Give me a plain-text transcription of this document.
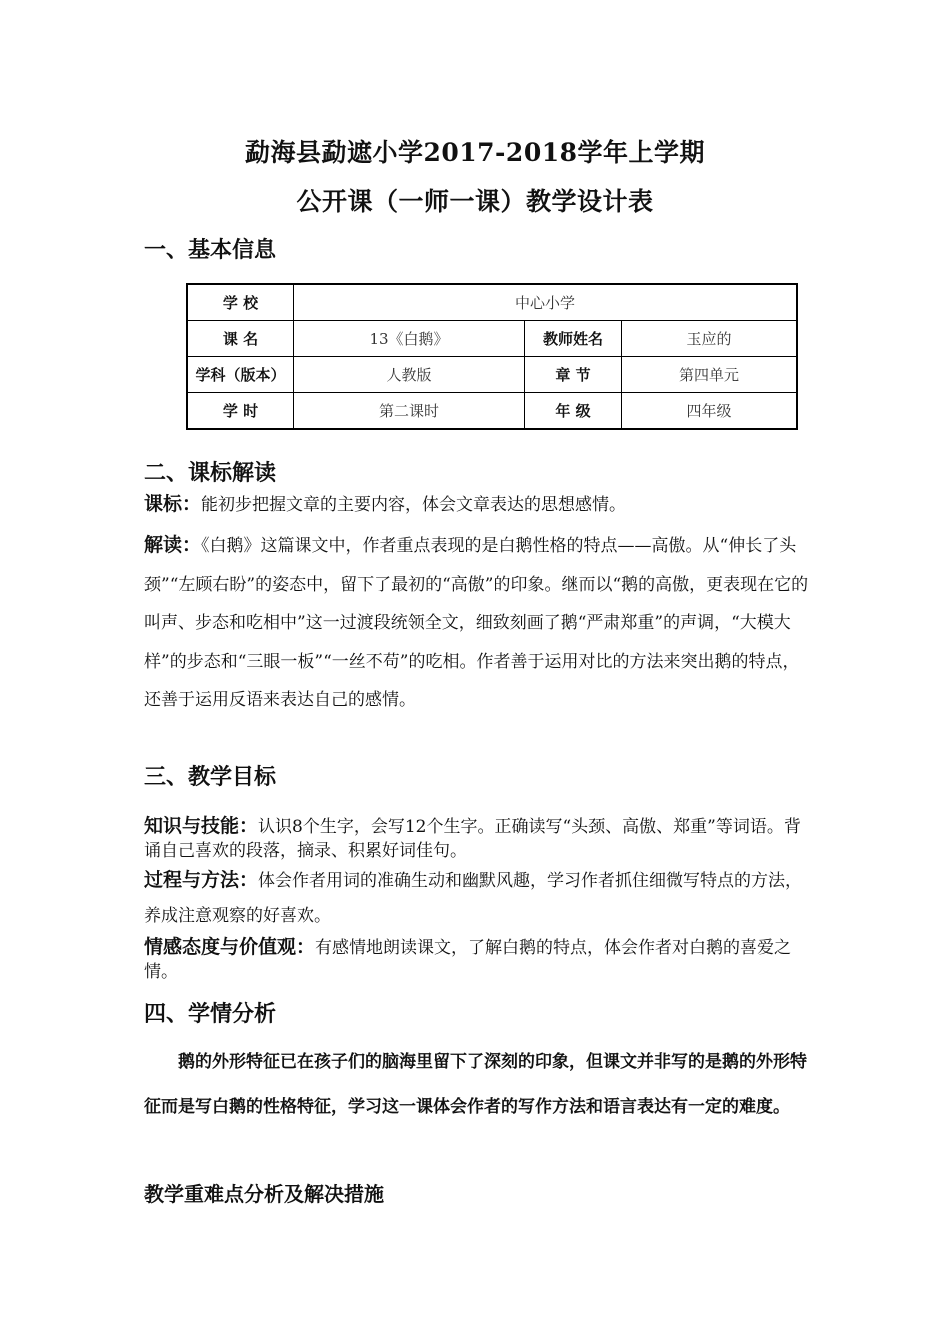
勐海县勐遮小学2017-2018学年上学期
公开课（一师一课）教学设计表
一、基本信息
学 校	中心小学		
课 名	13《白鹅》	教师姓名	玉应的
学科（版本）	人教版	章 节	第四单元
学 时	第二课时	年 级	四年级
二、课标解读
课标：能初步把握文章的主要内容，体会文章表达的思想感情。
解读：《白鹅》这篇课文中，作者重点表现的是白鹅性格的特点——高傲。从“伸长了头颈”“左顾右盼”的姿态中，留下了最初的“高傲”的印象。继而以“鹅的高傲，更表现在它的叫声、步态和吃相中”这一过渡段统领全文，细致刻画了鹅“严肃郑重”的声调，“大模大样”的步态和“三眼一板”“一丝不苟”的吃相。作者善于运用对比的方法来突出鹅的特点，还善于运用反语来表达自己的感情。
三、教学目标
知识与技能：认识8个生字，会写12个生字。正确读写“头颈、高傲、郑重”等词语。背诵自己喜欢的段落，摘录、积累好词佳句。
过程与方法：体会作者用词的准确生动和幽默风趣，学习作者抓住细微写特点的方法，养成注意观察的好喜欢。
情感态度与价值观：有感情地朗读课文，了解白鹅的特点，体会作者对白鹅的喜爱之情。
四、学情分析
鹅的外形特征已在孩子们的脑海里留下了深刻的印象，但课文并非写的是鹅的外形特征而是写白鹅的性格特征，学习这一课体会作者的写作方法和语言表达有一定的难度。
教学重难点分析及解决措施
